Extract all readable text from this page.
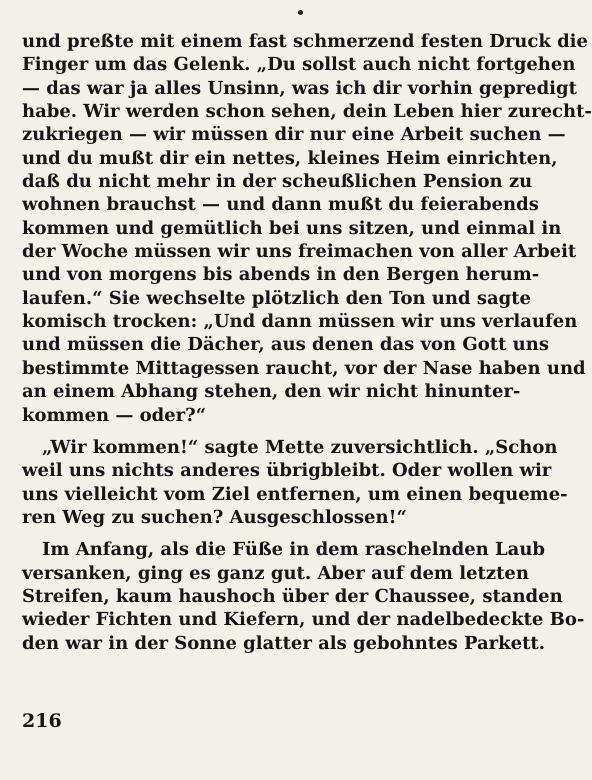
und preßte mit einem fast schmerzend festen Druck die
Finger um das Gelenk. „Du sollst auch nicht fortgehen
— das war ja alles Unsinn, was ich dir vorhin gepredigt
habe. Wir werden schon sehen, dein Leben hier zurecht-
zukriegen — wir müssen dir nur eine Arbeit suchen —
und du mußt dir ein nettes, kleines Heim einrichten,
daß du nicht mehr in der scheußlichen Pension zu
wohnen brauchst — und dann mußt du feierabends
kommen und gemütlich bei uns sitzen, und einmal in
der Woche müssen wir uns freimachen von aller Arbeit
und von morgens bis abends in den Bergen herum-
laufen.“ Sie wechselte plötzlich den Ton und sagte
komisch trocken: „Und dann müssen wir uns verlaufen
und müssen die Dächer, aus denen das von Gott uns
bestimmte Mittagessen raucht, vor der Nase haben und
an einem Abhang stehen, den wir nicht hinunter-
kommen — oder?“
„Wir kommen!“ sagte Mette zuversichtlich. „Schon
weil uns nichts anderes übrigbleibt. Oder wollen wir
uns vielleicht vom Ziel entfernen, um einen bequeme-
ren Weg zu suchen? Ausgeschlossen!“
Im Anfang, als die Füße in dem raschelnden Laub
versanken, ging es ganz gut. Aber auf dem letzten
Streifen, kaum haushoch über der Chaussee, standen
wieder Fichten und Kiefern, und der nadelbedeckte Bo-
den war in der Sonne glatter als gebohntes Parkett.
216
